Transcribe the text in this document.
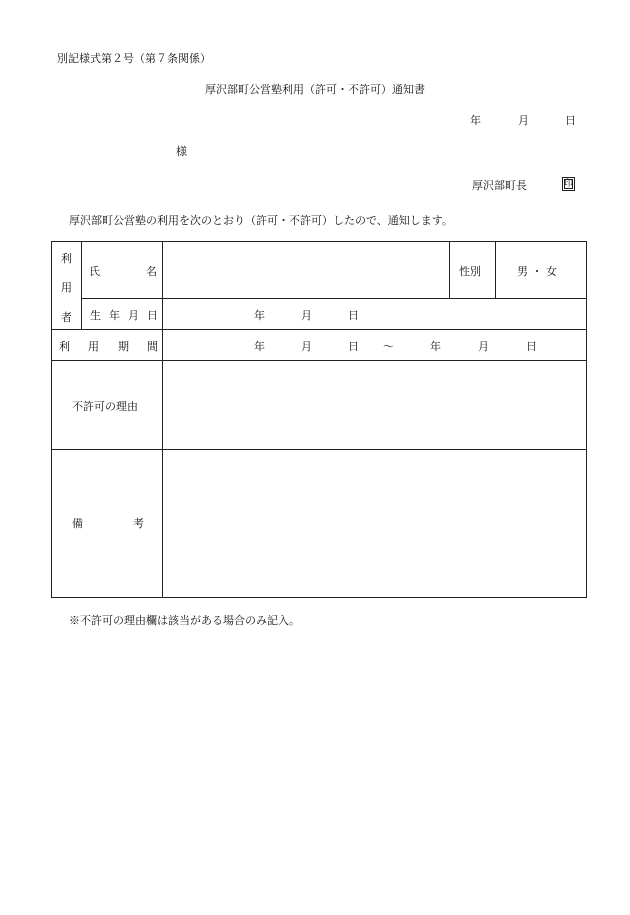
別記様式第２号（第７条関係）
厚沢部町公営塾利用（許可・不許可）通知書
年	月	日
様
厚沢部町長	印
厚沢部町公営塾の利用を次のとおり（許可・不許可）したので、通知します。
利
用
者
氏	名	性別	男 ・ 女
生 年 月 日	年	月	日
利 用 期 間	年	月	日 ～	年	月	日
不許可の理由
備	考
※不許可の理由欄は該当がある場合のみ記入。
